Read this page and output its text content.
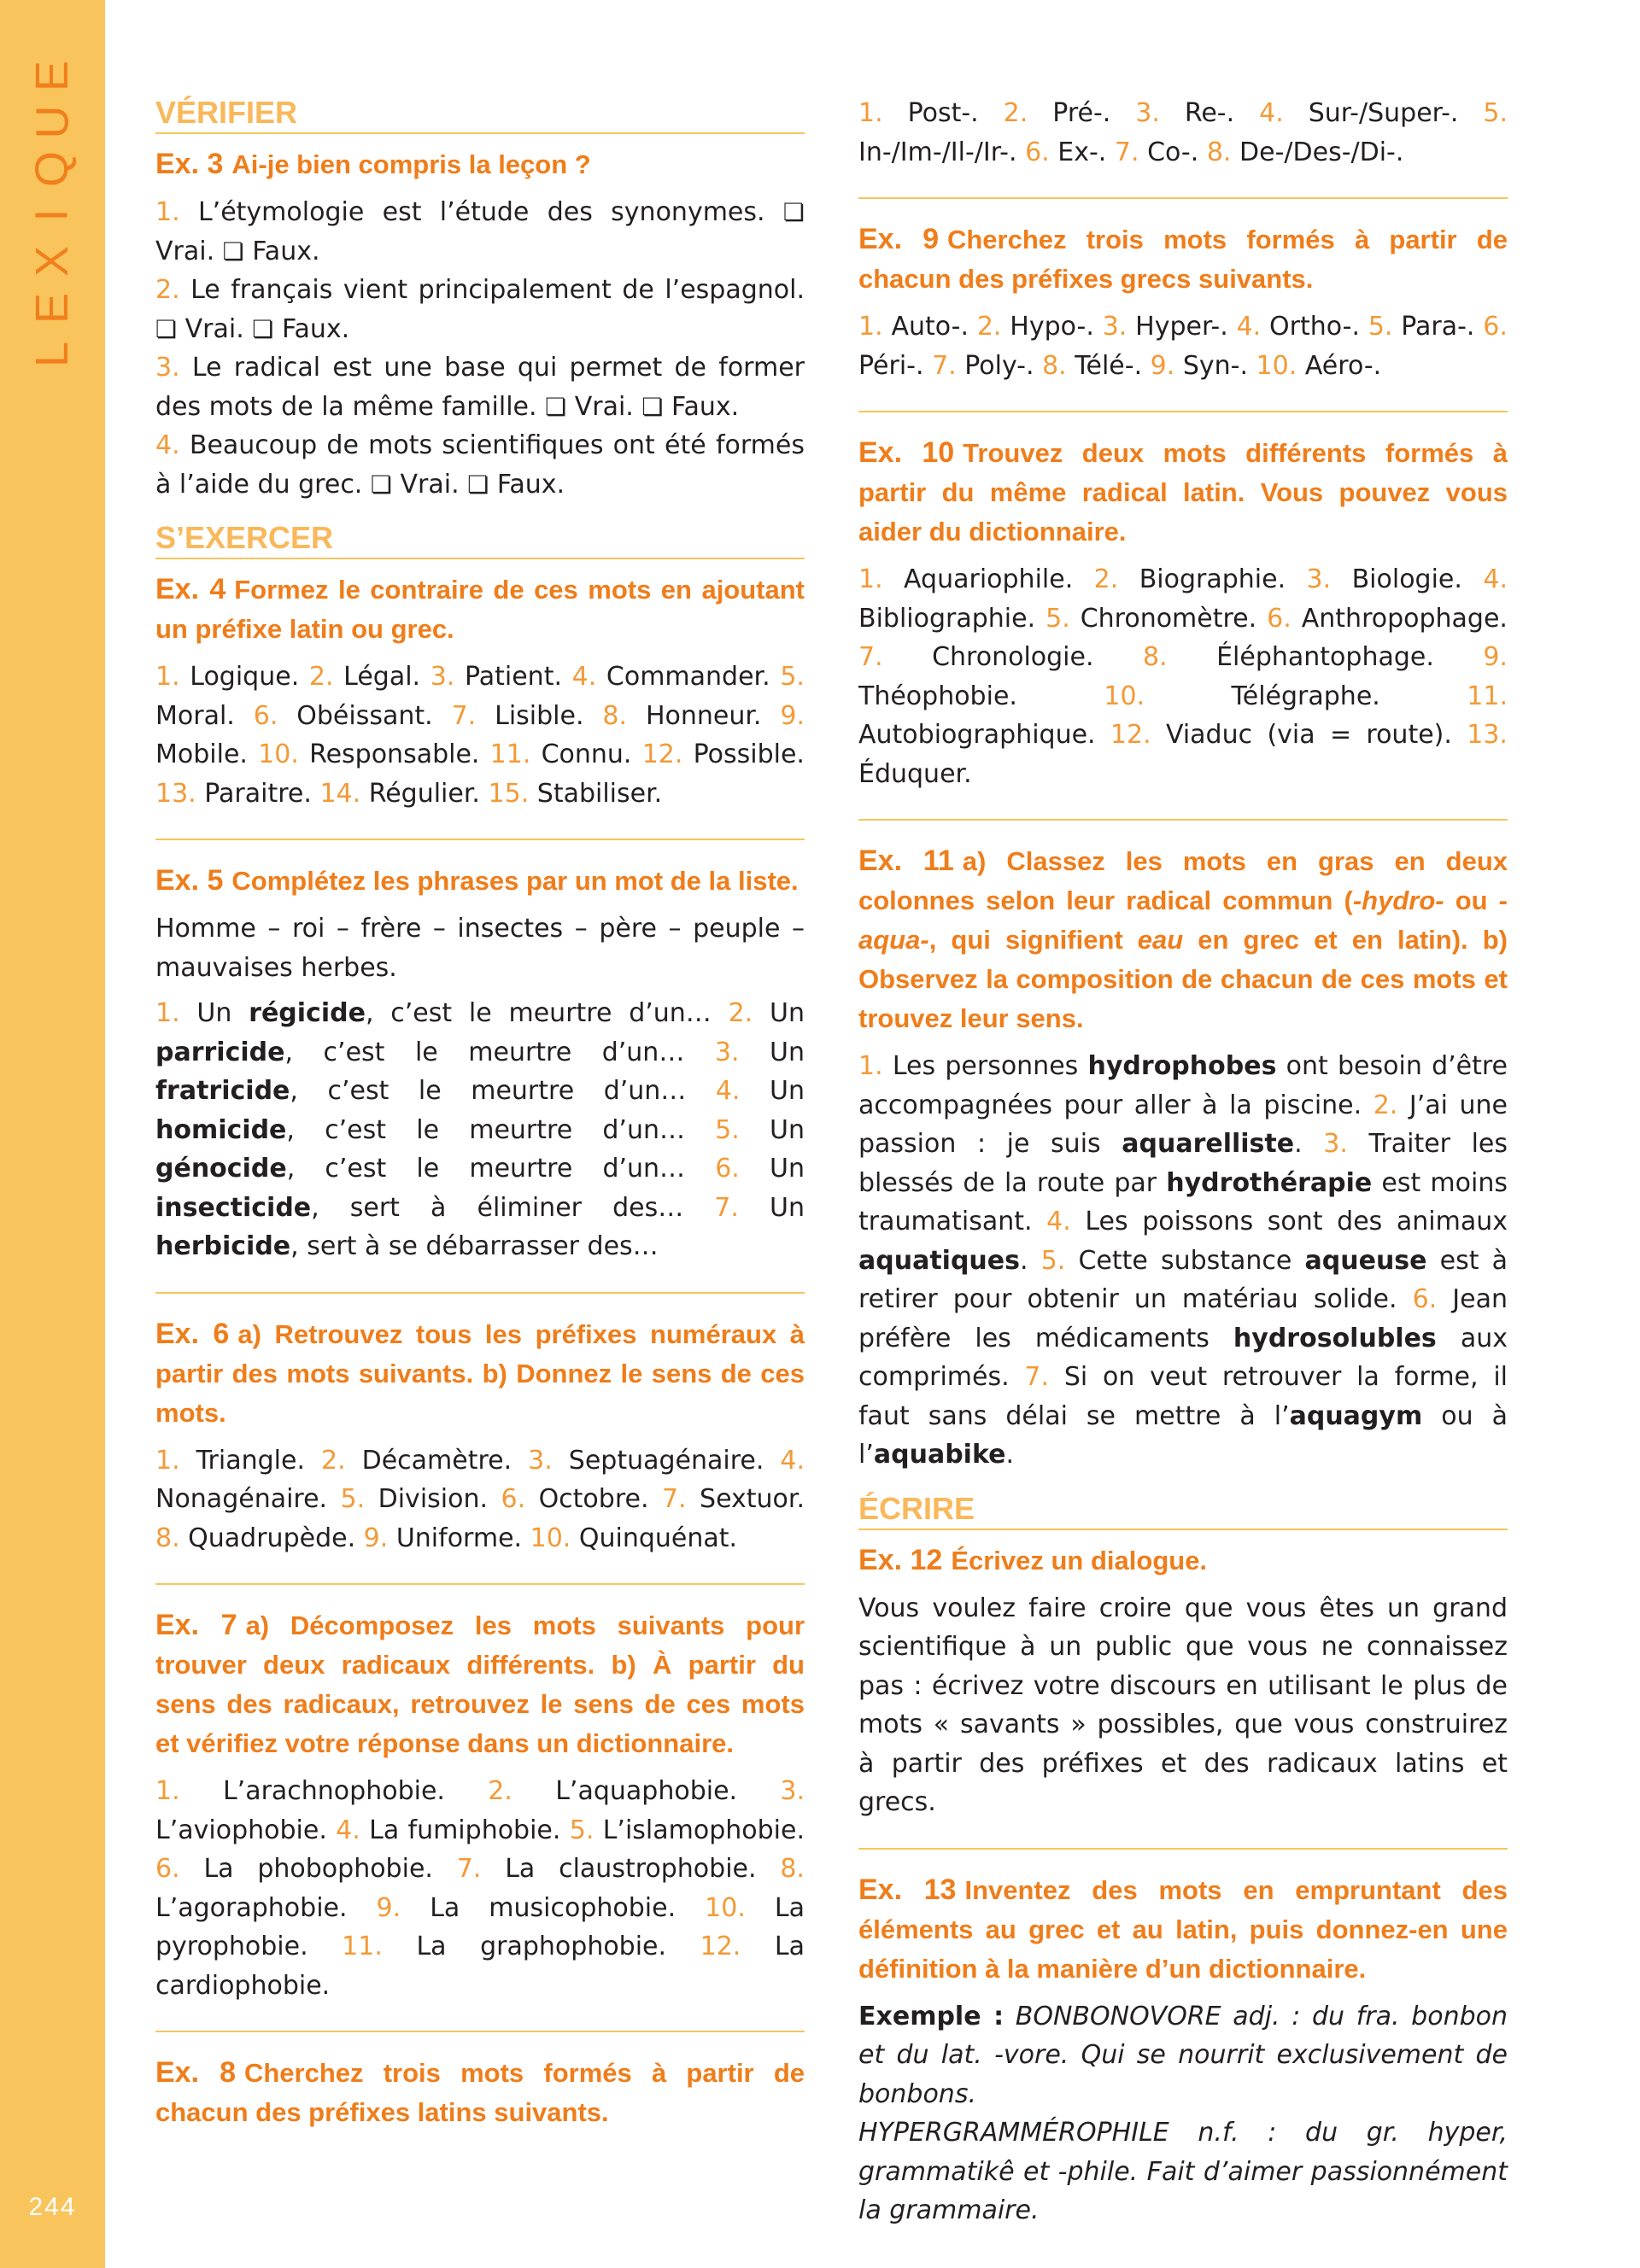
E
U
Q
I
X
E
L
244
VÉRIFIER
Ex. 3 Ai-je bien compris la leçon ?

1. L’étymologie est l’étude des synonymes. ❏ Vrai. ❏ Faux.

2. Le français vient principalement de l’espagnol. ❏ Vrai. ❏ Faux.

3. Le radical est une base qui permet de former des mots de la même famille. ❏ Vrai. ❏ Faux.

4. Beaucoup de mots scientifiques ont été formés à l’aide du grec. ❏ Vrai. ❏ Faux.

S’EXERCER
Ex. 4 Formez le contraire de ces mots en ajoutant un préfixe latin ou grec.
1. Logique. 2. Légal. 3. Patient. 4. Commander. 5. Moral. 6. Obéissant. 7. Lisible. 8. Honneur. 9. Mobile. 10. Responsable. 11. Connu. 12. Possible. 13. Paraitre. 14. Régulier. 15. Stabiliser.
Ex. 5 Complétez les phrases par un mot de la liste.
Homme – roi – frère – insectes – père – peuple – mauvaises herbes.
1. Un régicide, c’est le meurtre d’un… 2. Un parricide, c’est le meurtre d’un… 3. Un fratricide, c’est le meurtre d’un… 4. Un homicide, c’est le meurtre d’un… 5. Un génocide, c’est le meurtre d’un… 6. Un insecticide, sert à éliminer des… 7. Un herbicide, sert à se débarrasser des…
Ex. 6 a) Retrouvez tous les préfixes numéraux à partir des mots suivants. b) Donnez le sens de ces mots.
1. Triangle. 2. Décamètre. 3. Septuagénaire. 4. Nonagénaire. 5. Division. 6. Octobre. 7. Sextuor. 8. Quadrupède. 9. Uniforme. 10. Quinquénat.
Ex. 7 a) Décomposez les mots suivants pour trouver deux radicaux différents. b) À partir du sens des radicaux, retrouvez le sens de ces mots et vérifiez votre réponse dans un dictionnaire.
1. L’arachnophobie. 2. L’aquaphobie. 3. L’aviophobie. 4. La fumiphobie. 5. L’islamophobie. 6. La phobophobie. 7. La claustrophobie. 8. L’agoraphobie. 9. La musicophobie. 10. La pyrophobie. 11. La graphophobie. 12. La cardiophobie.
Ex. 8 Cherchez trois mots formés à partir de chacun des préfixes latins suivants.
1. Post-. 2. Pré-. 3. Re-. 4. Sur-/Super-. 5. In-/Im-/Il-/Ir-. 6. Ex-. 7. Co-. 8. De-/Des-/Di-.
Ex. 9 Cherchez trois mots formés à partir de chacun des préfixes grecs suivants.
1. Auto-. 2. Hypo-. 3. Hyper-. 4. Ortho-. 5. Para-. 6. Péri-. 7. Poly-. 8. Télé-. 9. Syn-. 10. Aéro-.
Ex. 10 Trouvez deux mots différents formés à partir du même radical latin. Vous pouvez vous aider du dictionnaire.
1. Aquariophile. 2. Biographie. 3. Biologie. 4. Bibliographie. 5. Chronomètre. 6. Anthropophage. 7. Chronologie. 8. Éléphantophage. 9. Théophobie.	10.	Télégraphe.	11. Autobiographique. 12. Viaduc (via = route). 13. Éduquer.
Ex. 11 a) Classez les mots en gras en deux colonnes selon leur radical commun (-hydro- ou -aqua-, qui signifient eau en grec et en latin). b) Observez la composition de chacun de ces mots et trouvez leur sens.
1. Les personnes hydrophobes ont besoin d’être accompagnées pour aller à la piscine. 2. J’ai une passion : je suis aquarelliste. 3. Traiter les blessés de la route par hydrothérapie est moins traumatisant. 4. Les poissons sont des animaux aquatiques. 5. Cette substance aqueuse est à retirer pour obtenir un matériau solide. 6. Jean préfère les médicaments hydrosolubles aux comprimés. 7. Si on veut retrouver la forme, il faut sans délai se mettre à l’aquagym ou à l’aquabike.
ÉCRIRE
Ex. 12 Écrivez un dialogue.
Vous voulez faire croire que vous êtes un grand scientifique à un public que vous ne connaissez pas : écrivez votre discours en utilisant le plus de mots « savants » possibles, que vous construirez à partir des préfixes et des radicaux latins et grecs.
Ex. 13 Inventez des mots en empruntant des éléments au grec et au latin, puis donnez-en une définition à la manière d’un dictionnaire.
Exemple : BONBONOVORE adj. : du fra. bonbon et du lat. -vore. Qui se nourrit exclusivement de bonbons.
HYPERGRAMMÉROPHILE n.f. : du gr. hyper, grammatikê et -phile. Fait d’aimer passionnément la grammaire.
